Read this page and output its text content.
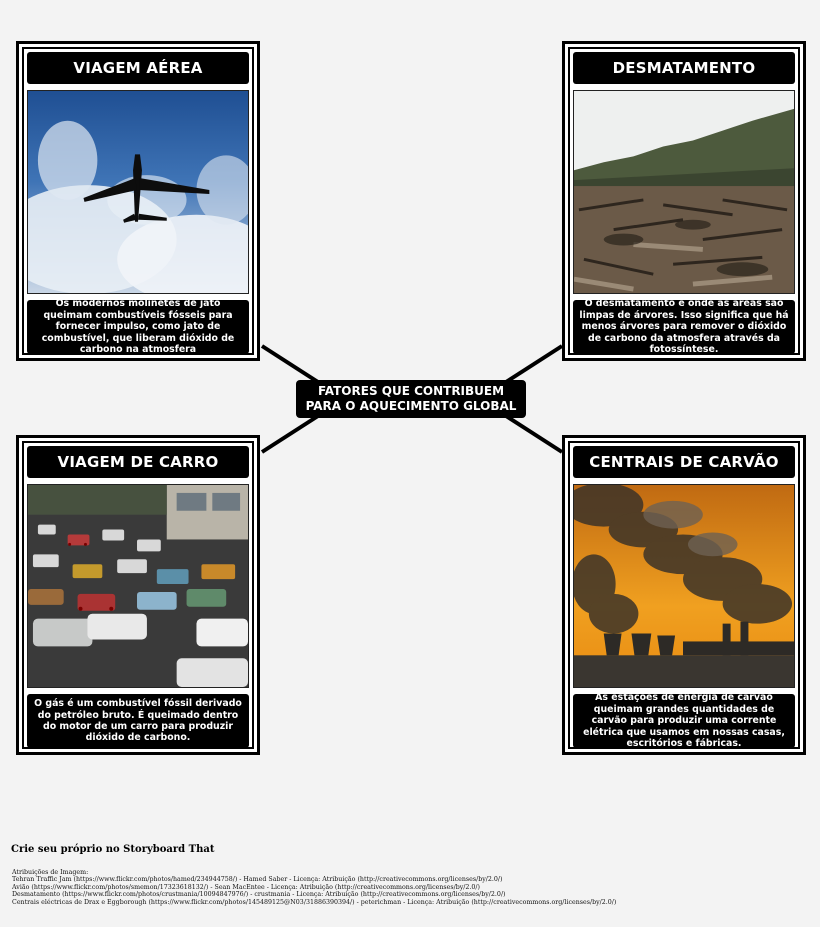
VIAGEM AÉREA
Os modernos molinetes de jato queimam combustíveis fósseis para fornecer impulso, como jato de combustível, que liberam dióxido de carbono na atmosfera
DESMATAMENTO
O desmatamento é onde as áreas são limpas de árvores. Isso significa que há menos árvores para remover o dióxido de carbono da atmosfera através da fotossíntese.
FATORES QUE CONTRIBUEM
PARA O AQUECIMENTO GLOBAL
VIAGEM DE CARRO
O gás é um combustível fóssil derivado do petróleo bruto. É queimado dentro do motor de um carro para produzir dióxido de carbono.
CENTRAIS DE CARVÃO
As estações de energia de carvão queimam grandes quantidades de carvão para produzir uma corrente elétrica que usamos em nossas casas, escritórios e fábricas.
Crie seu próprio no Storyboard That
Atribuições de Imagem:
Tehran Traffic Jam (https://www.flickr.com/photos/hamed/234944758/) - Hamed Saber - Licença: Atribuição (http://creativecommons.org/licenses/by/2.0/)
Avião (https://www.flickr.com/photos/smemon/17323618132/) - Sean MacEntee - Licença: Atribuição (http://creativecommons.org/licenses/by/2.0/)
Desmatamento (https://www.flickr.com/photos/crustmania/10094847976/) - crustmania - Licença: Atribuição (http://creativecommons.org/licenses/by/2.0/)
Centrais eléctricas de Drax e Eggborough (https://www.flickr.com/photos/145489125@N03/31886390394/) - peterichman - Licença: Atribuição (http://creativecommons.org/licenses/by/2.0/)
